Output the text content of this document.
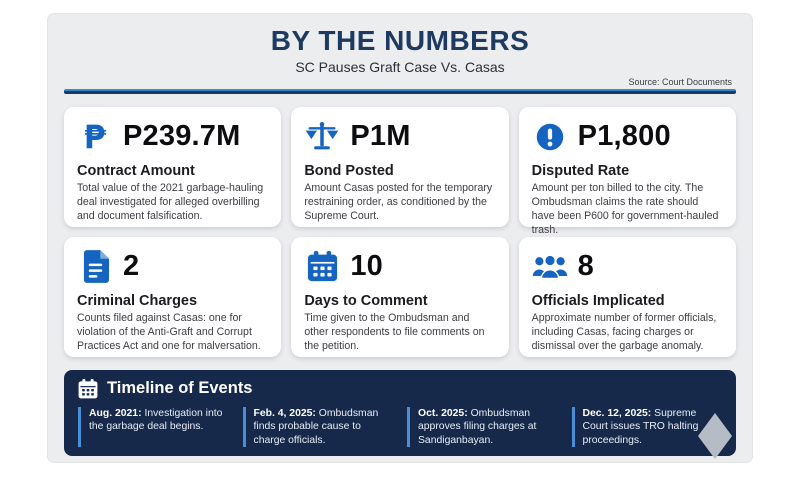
BY THE NUMBERS
SC Pauses Graft Case Vs. Casas
Source: Court Documents
₱ P239.7M
Contract Amount
Total value of the 2021 garbage-hauling deal investigated for alleged overbilling and document falsification.
P1M
Bond Posted
Amount Casas posted for the temporary restraining order, as conditioned by the Supreme Court.
P1,800
Disputed Rate
Amount per ton billed to the city. The Ombudsman claims the rate should have been P600 for government-hauled trash.
2
Criminal Charges
Counts filed against Casas: one for violation of the Anti-Graft and Corrupt Practices Act and one for malversation.
10
Days to Comment
Time given to the Ombudsman and other respondents to file comments on the petition.
8
Officials Implicated
Approximate number of former officials, including Casas, facing charges or dismissal over the garbage anomaly.
Timeline of Events
Aug. 2021: Investigation into the garbage deal begins.
Feb. 4, 2025: Ombudsman finds probable cause to charge officials.
Oct. 2025: Ombudsman approves filing charges at Sandiganbayan.
Dec. 12, 2025: Supreme Court issues TRO halting proceedings.
